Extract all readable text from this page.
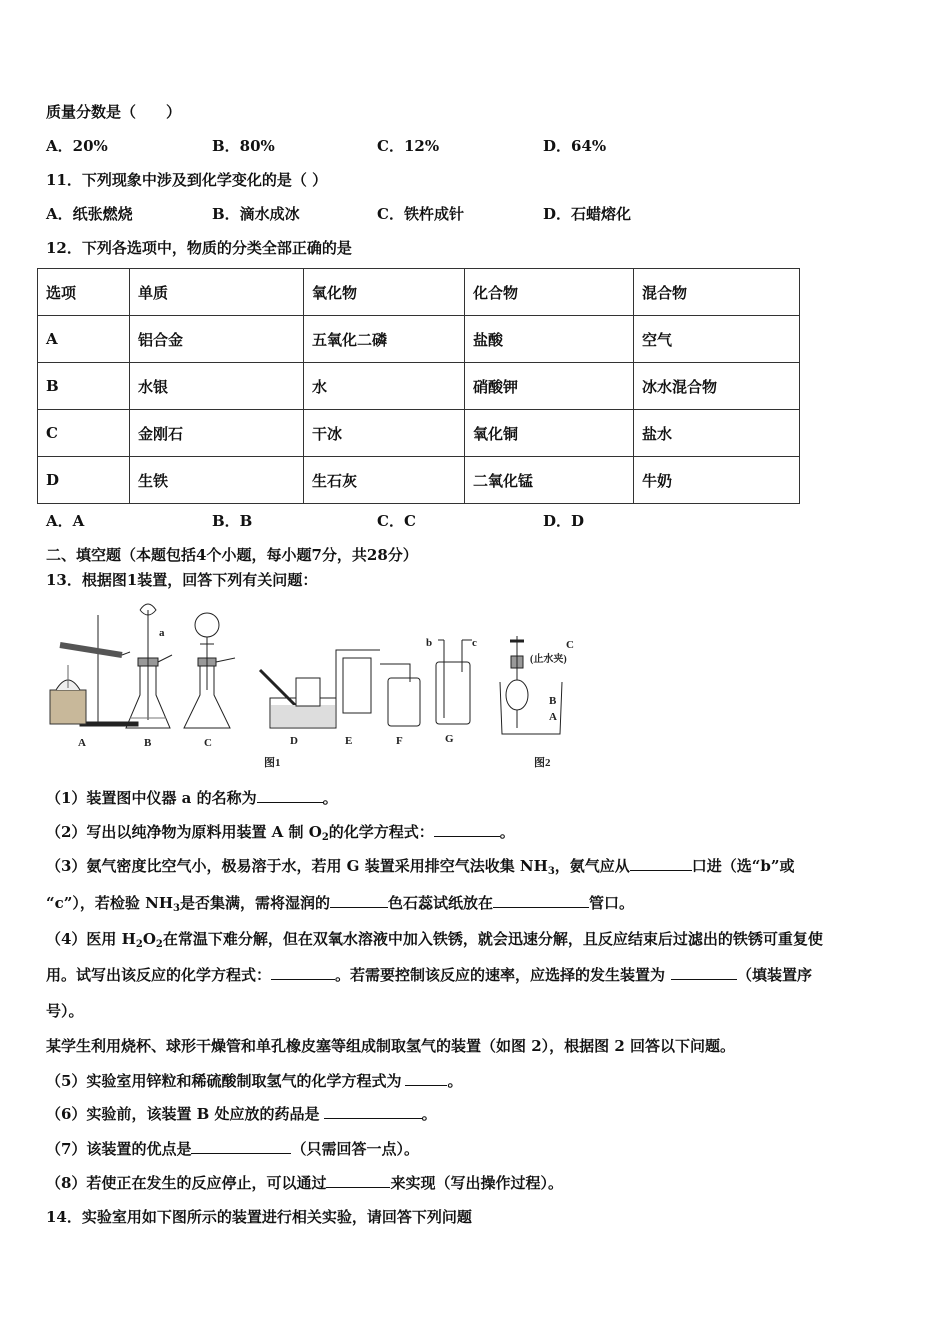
质量分数是（　　）
A．20%	B．80%	C．12%	D．64%
11．下列现象中涉及到化学变化的是（ ）
A．纸张燃烧	B．滴水成冰	C．铁杵成针	D．石蜡熔化
12．下列各选项中，物质的分类全部正确的是
选项	单质	氧化物	化合物	混合物
A	铝合金	五氧化二磷	盐酸	空气
B	水银	水	硝酸钾	冰水混合物
C	金刚石	干冰	氧化铜	盐水
D	生铁	生石灰	二氧化锰	牛奶
A．A	B．B	C．C	D．D
二、填空题（本题包括4个小题，每小题7分，共28分）
13．根据图1装置，回答下列有关问题：
A	B	C	D	E	F	G
图1	图2
a
b	c	C
(止水夹)
B
A
（1）装置图中仪器 a 的名称为	。
（2）写出以纯净物为原料用装置 A 制 $O_2$的化学方程式：	。
（3）氨气密度比空气小，极易溶于水，若用 G 装置采用排空气法收集 $NH_3$，氨气应从	口进（选“b”或
“c”），若检验 $NH_3$是否集满，需将湿润的	色石蕊试纸放在	管口。
（4）医用 $H_2O_2$在常温下难分解，但在双氧水溶液中加入铁锈，就会迅速分解，且反应结束后过滤出的铁锈可重复使
用。试写出该反应的化学方程式：	。若需要控制该反应的速率，应选择的发生装置为	（填装置序
号）。
某学生利用烧杯、球形干燥管和单孔橡皮塞等组成制取氢气的装置（如图 2），根据图 2 回答以下问题。
（5）实验室用锌粒和稀硫酸制取氢气的化学方程式为	。
（6）实验前，该装置 B 处应放的药品是	。
（7）该装置的优点是	（只需回答一点）。
（8）若使正在发生的反应停止，可以通过	来实现（写出操作过程）。
14．实验室用如下图所示的装置进行相关实验，请回答下列问题
